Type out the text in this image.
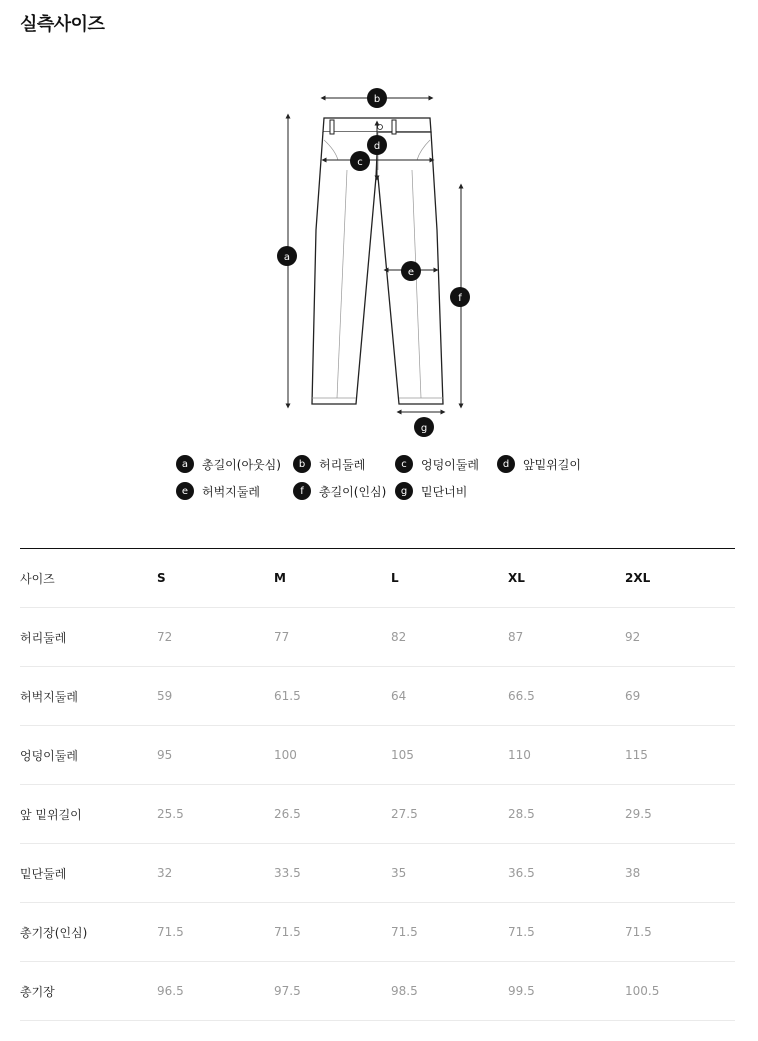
실측사이즈
a
b
c
d
e
f
g
a	총길이(아웃심)	b	허리둘레	c	엉덩이둘레	d	앞밑위길이
e	허벅지둘레	f	총길이(인심)	g	밑단너비
사이즈	S	M	L	XL	2XL
허리둘레	72	77	82	87	92
허벅지둘레	59	61.5	64	66.5	69
엉덩이둘레	95	100	105	110	115
앞 밑위길이	25.5	26.5	27.5	28.5	29.5
밑단둘레	32	33.5	35	36.5	38
총기장(인심)	71.5	71.5	71.5	71.5	71.5
총기장	96.5	97.5	98.5	99.5	100.5
